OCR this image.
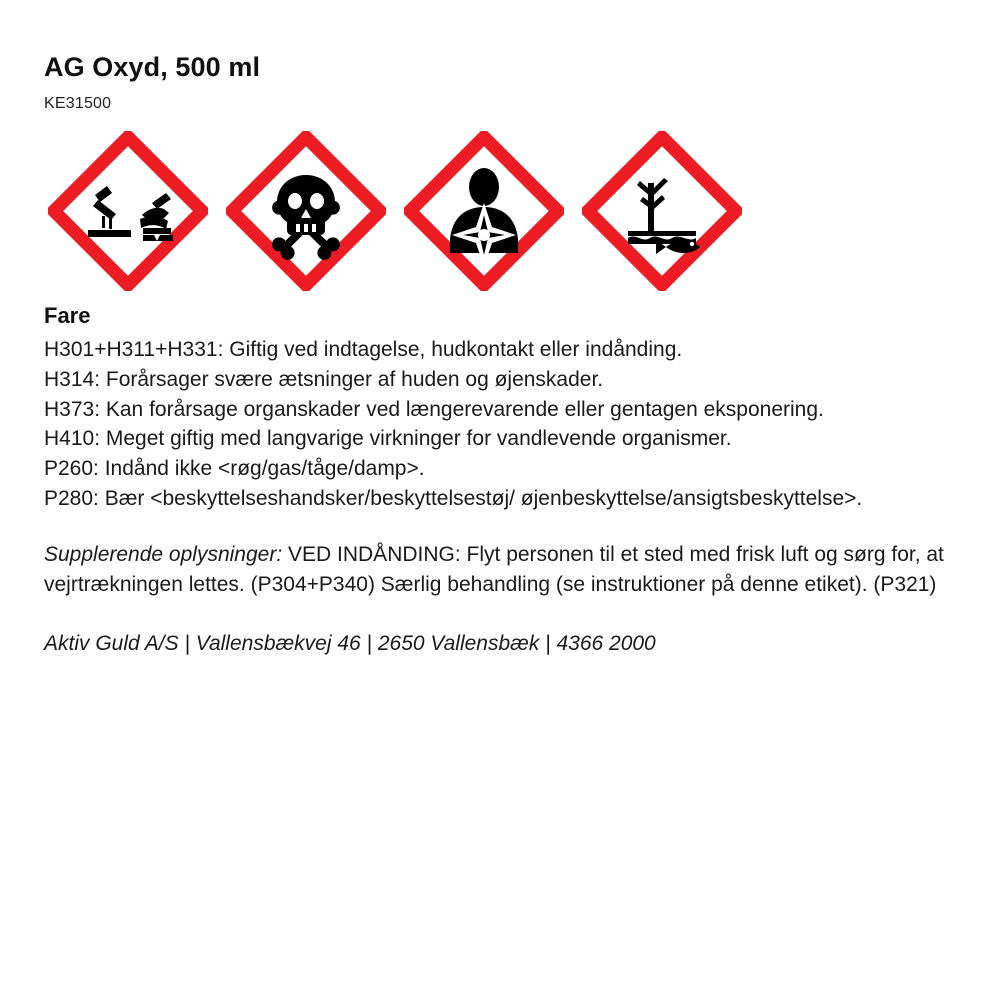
AG Oxyd, 500 ml
KE31500
Fare

H301+H311+H331: Giftig ved indtagelse, hudkontakt eller indånding.

H314: Forårsager svære ætsninger af huden og øjenskader.

H373: Kan forårsage organskader ved længerevarende eller gentagen eksponering.

H410: Meget giftig med langvarige virkninger for vandlevende organismer.

P260: Indånd ikke <røg/gas/tåge/damp>.

P280: Bær <beskyttelseshandsker/beskyttelsestøj/ øjenbeskyttelse/ansigtsbeskyttelse>.

Supplerende oplysninger: VED INDÅNDING: Flyt personen til et sted med frisk luft og sørg for, at vejrtrækningen lettes. (P304+P340) Særlig behandling (se instruktioner på denne etiket). (P321)

Aktiv Guld A/S | Vallensbækvej 46 | 2650 Vallensbæk | 4366 2000
